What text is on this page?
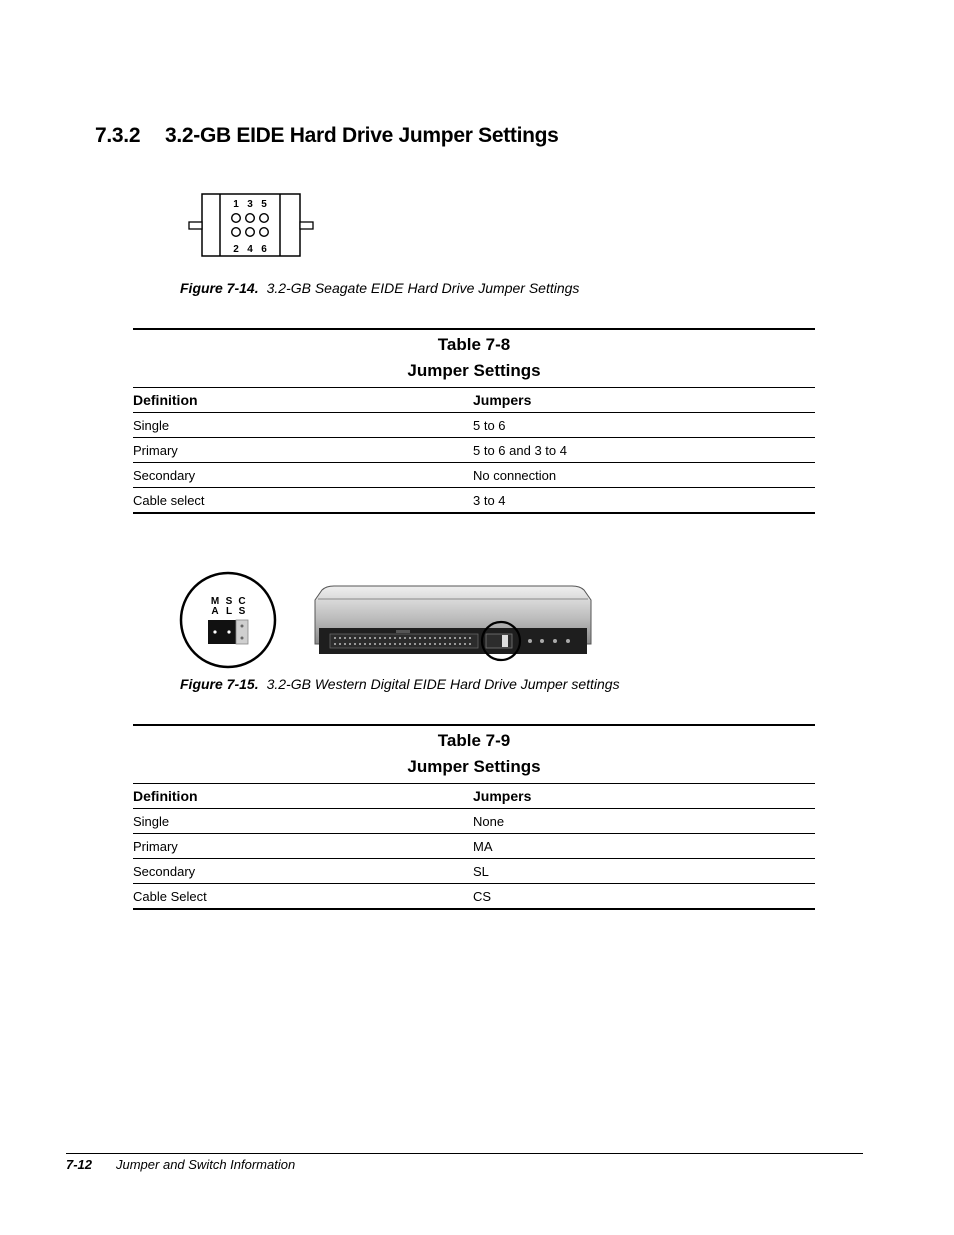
7.3.2 3.2-GB EIDE Hard Drive Jumper Settings
1 3 5
2 4 6
Figure 7-14. 3.2-GB Seagate EIDE Hard Drive Jumper Settings
Table 7-8
Jumper Settings
Definition	Jumpers
Single	5 to 6
Primary	5 to 6 and 3 to 4
Secondary	No connection
Cable select	3 to 4
M S C
A L S
Figure 7-15. 3.2-GB Western Digital EIDE Hard Drive Jumper settings
Table 7-9
Jumper Settings
Definition	Jumpers
Single	None
Primary	MA
Secondary	SL
Cable Select	CS
7-12 Jumper and Switch Information
